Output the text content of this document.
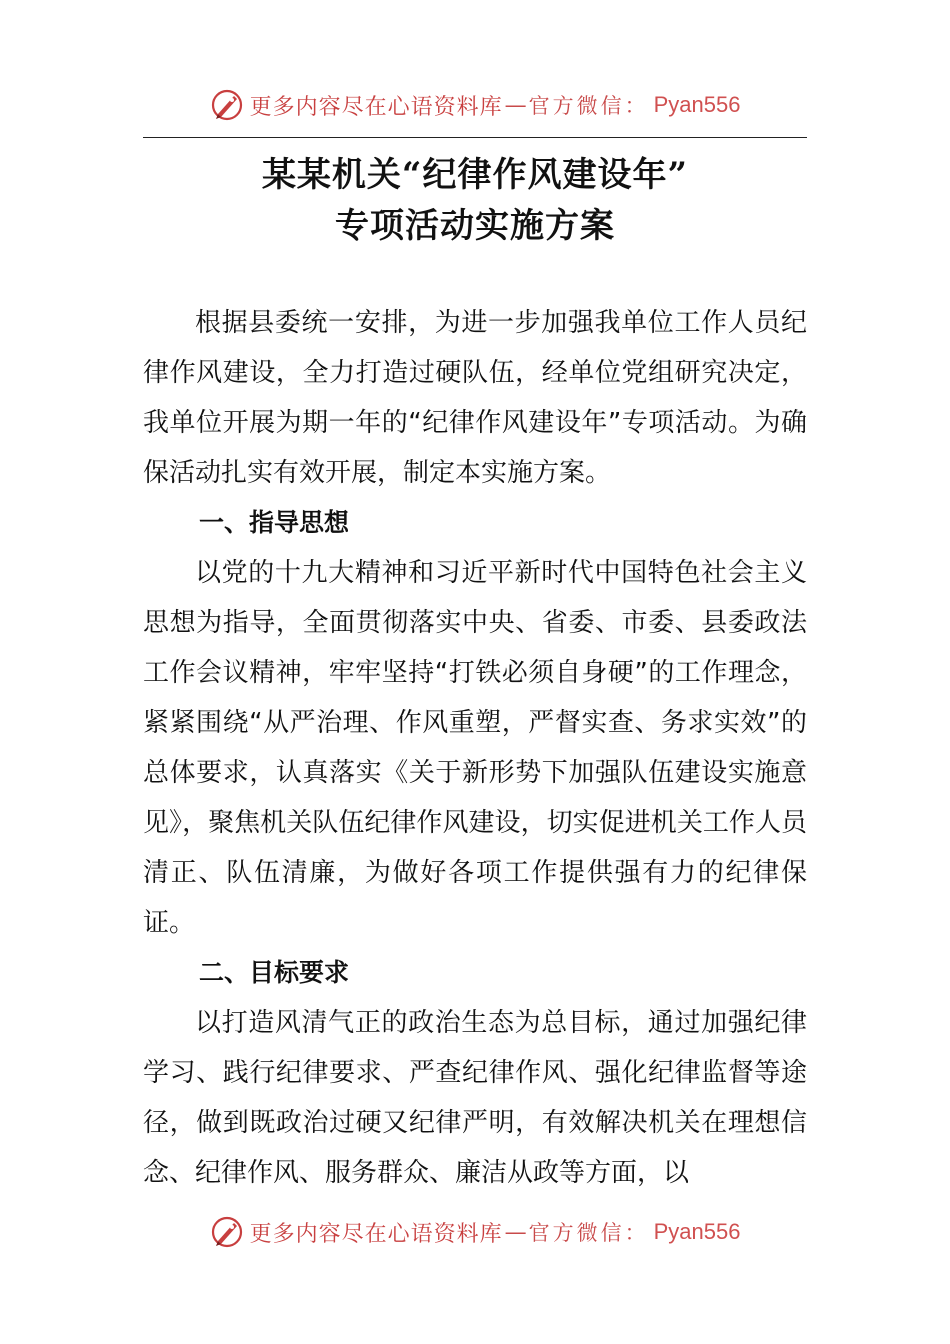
更多内容尽在心语资料库 — 官方微信 ： Pyan556
某某机关“纪律作风建设年”
专项活动实施方案

根据县委统一安排，为进一步加强我单位工作人员纪律作风建设，全力打造过硬队伍，经单位党组研究决定，我单位开展为期一年的“纪律作风建设年”专项活动。为确保活动扎实有效开展，制定本实施方案。

一、指导思想

以党的十九大精神和习近平新时代中国特色社会主义思想为指导，全面贯彻落实中央、省委、市委、县委政法工作会议精神，牢牢坚持“打铁必须自身硬”的工作理念，紧紧围绕“从严治理、作风重塑，严督实查、务求实效”的总体要求，认真落实《关于新形势下加强队伍建设实施意见》，聚焦机关队伍纪律作风建设，切实促进机关工作人员清正、队伍清廉，为做好各项工作提供强有力的纪律保证。

二、目标要求

以打造风清气正的政治生态为总目标，通过加强纪律学习、践行纪律要求、严查纪律作风、强化纪律监督等途径，做到既政治过硬又纪律严明，有效解决机关在理想信念、纪律作风、服务群众、廉洁从政等方面，以

更多内容尽在心语资料库 — 官方微信 ： Pyan556
